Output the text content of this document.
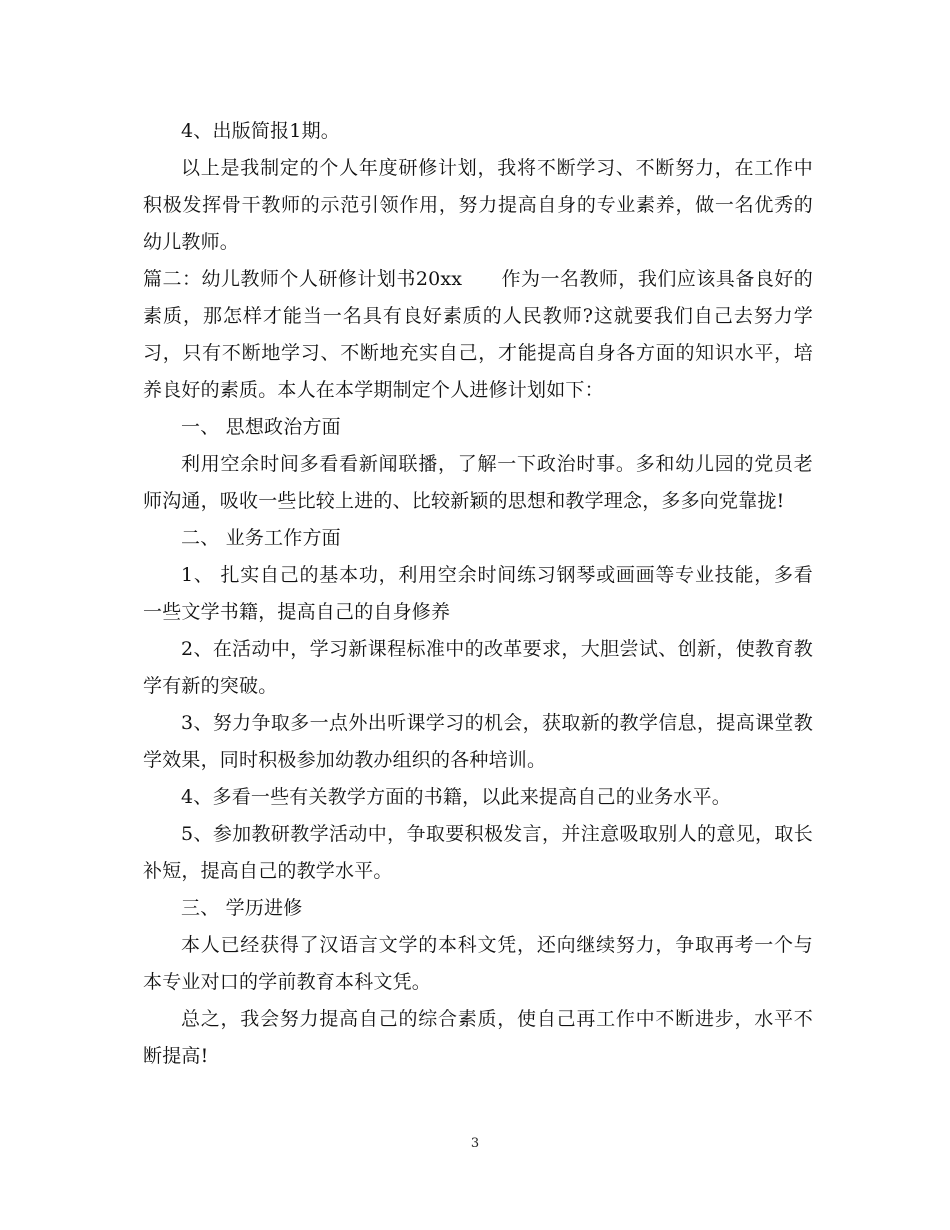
4、出版简报1期。

以上是我制定的个人年度研修计划，我将不断学习、不断努力，在工作中积极发挥骨干教师的示范引领作用，努力提高自身的专业素养，做一名优秀的幼儿教师。

篇二：幼儿教师个人研修计划书20xx　　作为一名教师，我们应该具备良好的素质，那怎样才能当一名具有良好素质的人民教师?这就要我们自己去努力学习，只有不断地学习、不断地充实自己，才能提高自身各方面的知识水平，培养良好的素质。本人在本学期制定个人进修计划如下：

一、 思想政治方面

利用空余时间多看看新闻联播，了解一下政治时事。多和幼儿园的党员老师沟通，吸收一些比较上进的、比较新颖的思想和教学理念，多多向党靠拢!

二、 业务工作方面

1、 扎实自己的基本功，利用空余时间练习钢琴或画画等专业技能，多看一些文学书籍，提高自己的自身修养

2、在活动中，学习新课程标准中的改革要求，大胆尝试、创新，使教育教学有新的突破。

3、努力争取多一点外出听课学习的机会，获取新的教学信息，提高课堂教学效果，同时积极参加幼教办组织的各种培训。

4、多看一些有关教学方面的书籍，以此来提高自己的业务水平。

5、参加教研教学活动中，争取要积极发言，并注意吸取别人的意见，取长补短，提高自己的教学水平。

三、 学历进修

本人已经获得了汉语言文学的本科文凭，还向继续努力，争取再考一个与本专业对口的学前教育本科文凭。

总之，我会努力提高自己的综合素质，使自己再工作中不断进步，水平不断提高!

3
